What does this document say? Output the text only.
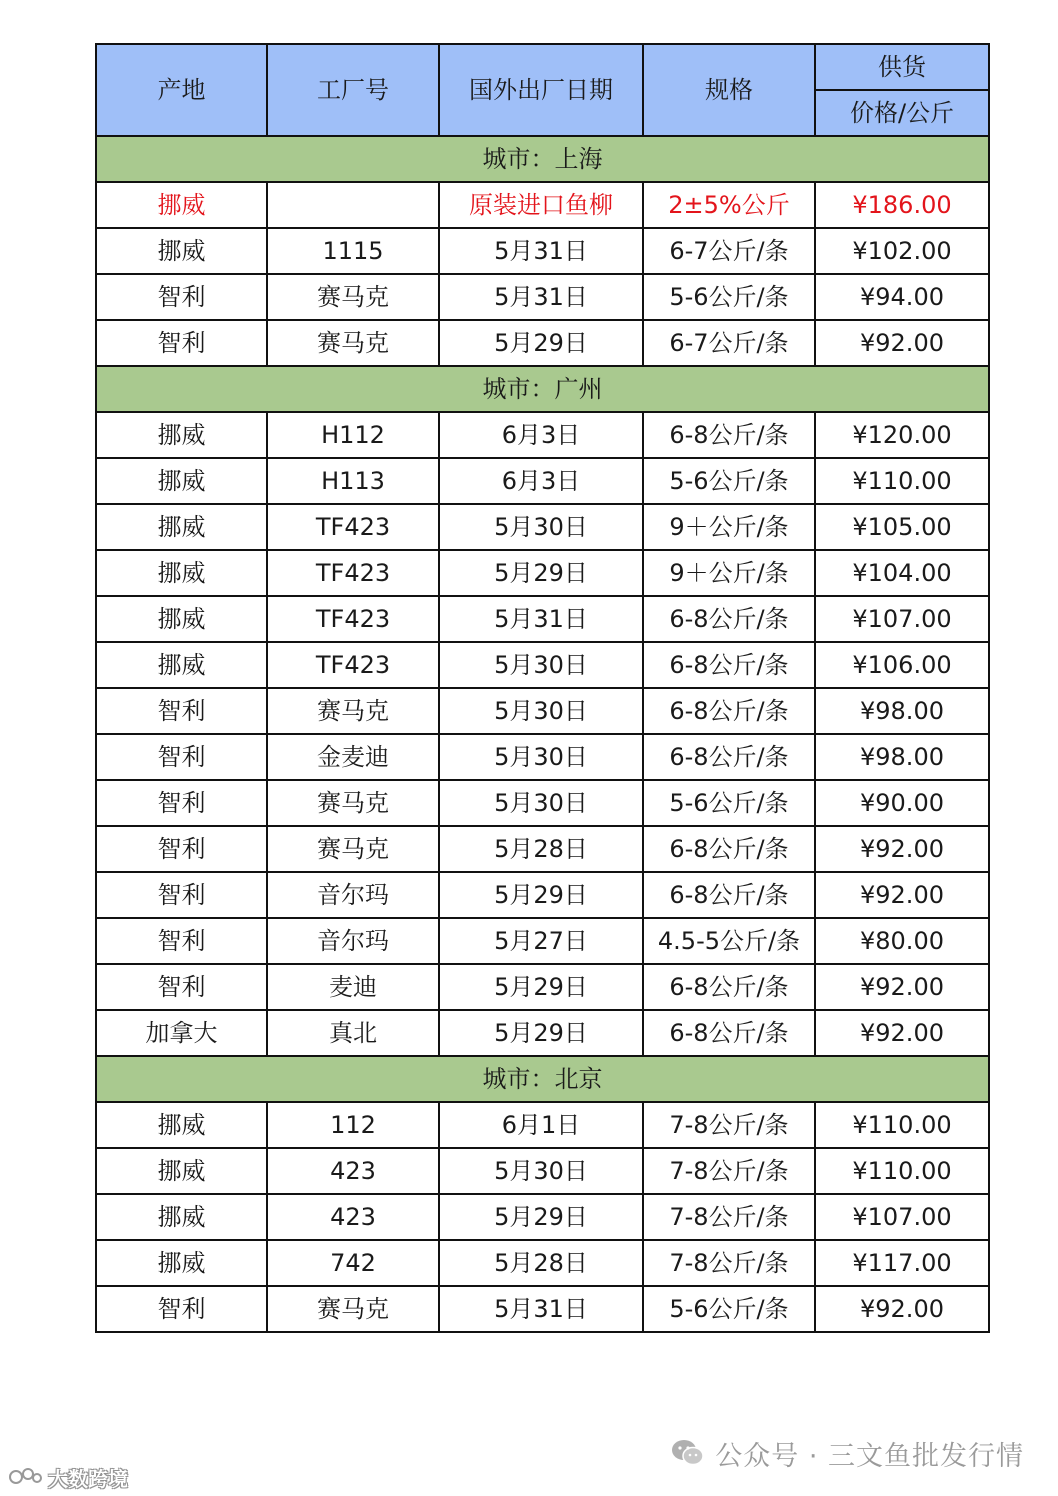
产地	工厂号	国外出厂日期	规格	供货
				价格/公斤
城市：上海				
挪威		原装进口鱼柳	2±5%公斤	¥186.00
挪威	1115	5月31日	6-7公斤/条	¥102.00
智利	赛马克	5月31日	5-6公斤/条	¥94.00
智利	赛马克	5月29日	6-7公斤/条	¥92.00
城市：广州				
挪威	H112	6月3日	6-8公斤/条	¥120.00
挪威	H113	6月3日	5-6公斤/条	¥110.00
挪威	TF423	5月30日	9＋公斤/条	¥105.00
挪威	TF423	5月29日	9＋公斤/条	¥104.00
挪威	TF423	5月31日	6-8公斤/条	¥107.00
挪威	TF423	5月30日	6-8公斤/条	¥106.00
智利	赛马克	5月30日	6-8公斤/条	¥98.00
智利	金麦迪	5月30日	6-8公斤/条	¥98.00
智利	赛马克	5月30日	5-6公斤/条	¥90.00
智利	赛马克	5月28日	6-8公斤/条	¥92.00
智利	音尔玛	5月29日	6-8公斤/条	¥92.00
智利	音尔玛	5月27日	4.5-5公斤/条	¥80.00
智利	麦迪	5月29日	6-8公斤/条	¥92.00
加拿大	真北	5月29日	6-8公斤/条	¥92.00
城市：北京				
挪威	112	6月1日	7-8公斤/条	¥110.00
挪威	423	5月30日	7-8公斤/条	¥110.00
挪威	423	5月29日	7-8公斤/条	¥107.00
挪威	742	5月28日	7-8公斤/条	¥117.00
智利	赛马克	5月31日	5-6公斤/条	¥92.00
公众号 · 三文鱼批发行情
大数跨境
